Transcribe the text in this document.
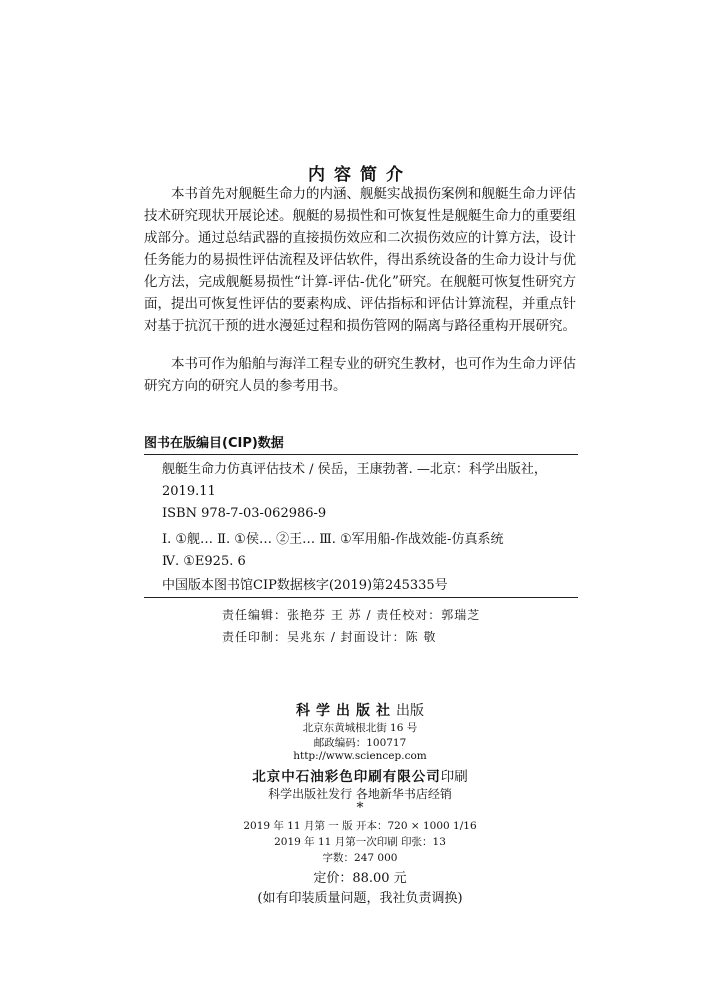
内容简介

本书首先对舰艇生命力的内涵、舰艇实战损伤案例和舰艇生命力评估技术研究现状开展论述。舰艇的易损性和可恢复性是舰艇生命力的重要组成部分。通过总结武器的直接损伤效应和二次损伤效应的计算方法，设计任务能力的易损性评估流程及评估软件，得出系统设备的生命力设计与优化方法，完成舰艇易损性“计算-评估-优化”研究。在舰艇可恢复性研究方面，提出可恢复性评估的要素构成、评估指标和评估计算流程，并重点针对基于抗沉干预的进水漫延过程和损伤管网的隔离与路径重构开展研究。

本书可作为船舶与海洋工程专业的研究生教材，也可作为生命力评估研究方向的研究人员的参考用书。

图书在版编目(CIP)数据
舰艇生命力仿真评估技术 / 侯岳，王康勃著. —北京：科学出版社，
2019.11
ISBN 978-7-03-062986-9
Ⅰ. ①舰… Ⅱ. ①侯… ②王… Ⅲ. ①军用船-作战效能-仿真系统
Ⅳ. ①E925. 6
中国版本图书馆CIP数据核字(2019)第245335号
责任编辑：张艳芬 王 苏 / 责任校对：郭瑞芝
责任印制：吴兆东 / 封面设计：陈 敬
科学出版社出版
北京东黄城根北街 16 号
邮政编码：100717
http://www.sciencep.com
北京中石油彩色印刷有限公司印刷
科学出版社发行 各地新华书店经销
*
2019 年 11 月第 一 版 开本：720 × 1000 1/16
2019 年 11 月第一次印刷 印张：13
字数：247 000
定价：88.00 元
(如有印装质量问题，我社负责调换)
